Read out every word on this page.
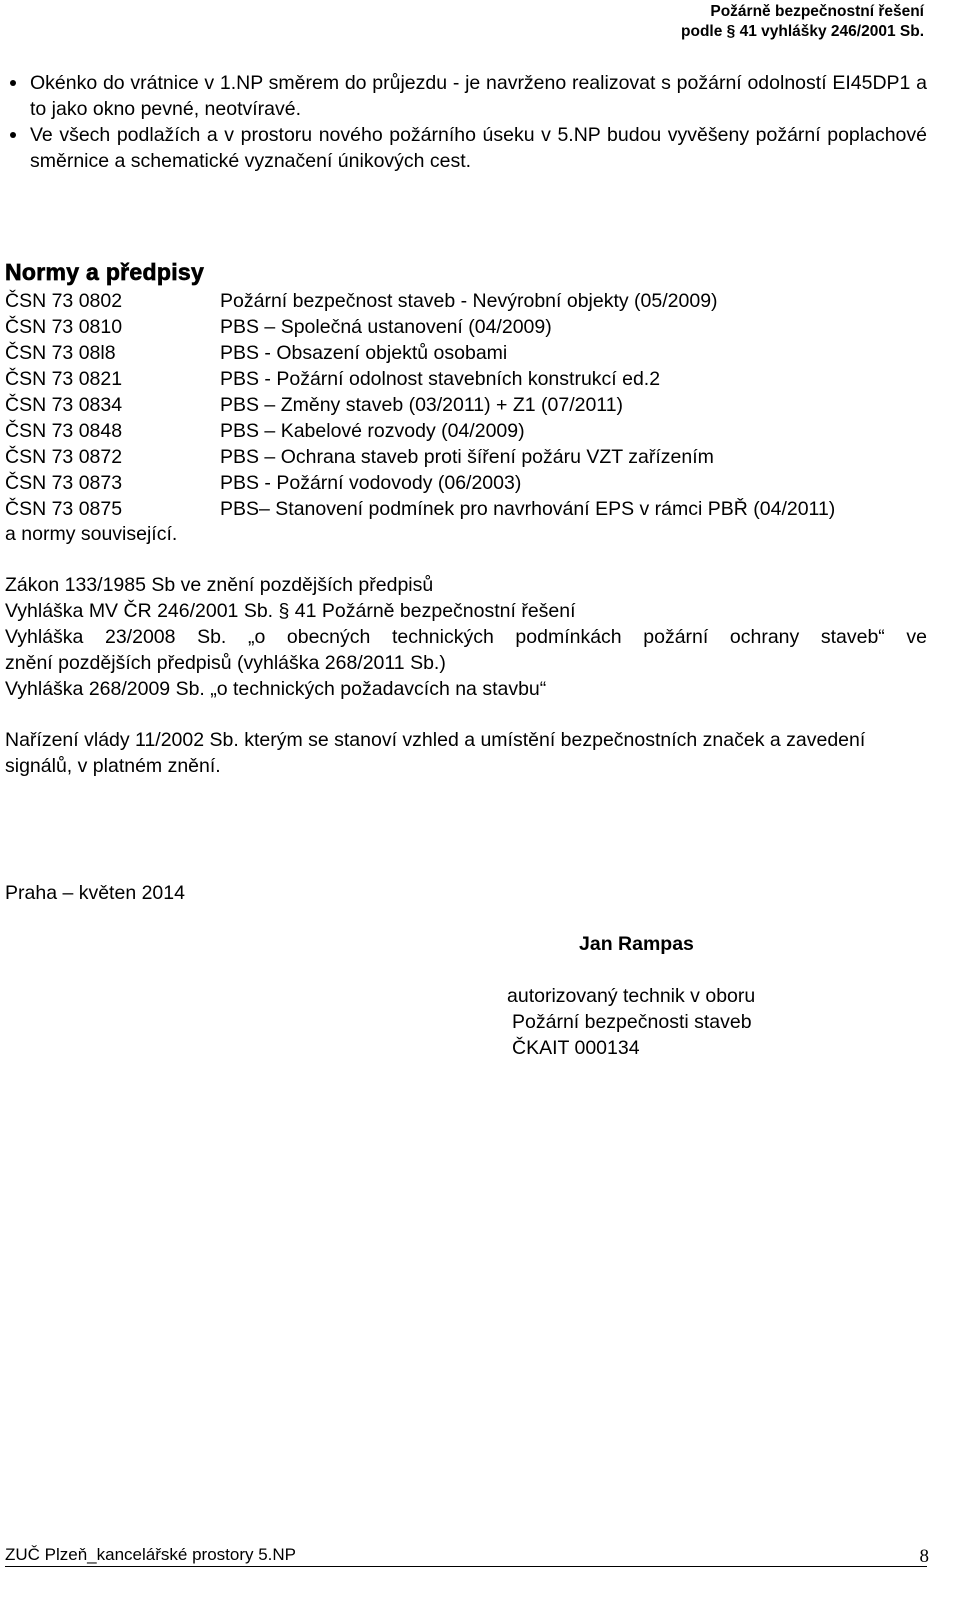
Požárně bezpečnostní řešení
podle § 41 vyhlášky 246/2001 Sb.
Okénko do vrátnice v 1.NP směrem do průjezdu - je navrženo realizovat s požární odolností EI45DP1 a to jako okno pevné, neotvíravé.
Ve všech podlažích a v prostoru nového požárního úseku v 5.NP budou vyvěšeny požární poplachové směrnice a schematické vyznačení únikových cest.
Normy a předpisy
ČSN 73 0802	Požární bezpečnost staveb - Nevýrobní objekty (05/2009)
ČSN 73 0810	PBS – Společná ustanovení (04/2009)
ČSN 73 08l8	PBS - Obsazení objektů osobami
ČSN 73 0821	PBS - Požární odolnost stavebních konstrukcí ed.2
ČSN 73 0834	PBS – Změny staveb (03/2011) + Z1 (07/2011)
ČSN 73 0848	PBS – Kabelové rozvody (04/2009)
ČSN 73 0872	PBS – Ochrana staveb proti šíření požáru VZT zařízením
ČSN 73 0873	PBS - Požární vodovody (06/2003)
ČSN 73 0875	PBS– Stanovení podmínek pro navrhování EPS v rámci PBŘ (04/2011)
a normy související.
Zákon 133/1985 Sb ve znění pozdějších předpisů
Vyhláška MV ČR 246/2001 Sb. § 41 Požárně bezpečnostní řešení
Vyhláška 23/2008 Sb. „o obecných technických podmínkách požární ochrany staveb“ ve
znění pozdějších předpisů (vyhláška 268/2011 Sb.)
Vyhláška 268/2009 Sb. „o technických požadavcích na stavbu“
Nařízení vlády 11/2002 Sb. kterým se stanoví vzhled a umístění bezpečnostních značek a zavedení signálů, v platném znění.
Praha – květen 2014
Jan Rampas
autorizovaný technik v oboru
Požární bezpečnosti staveb
ČKAIT 000134
ZUČ Plzeň_kancelářské prostory 5.NP	8
